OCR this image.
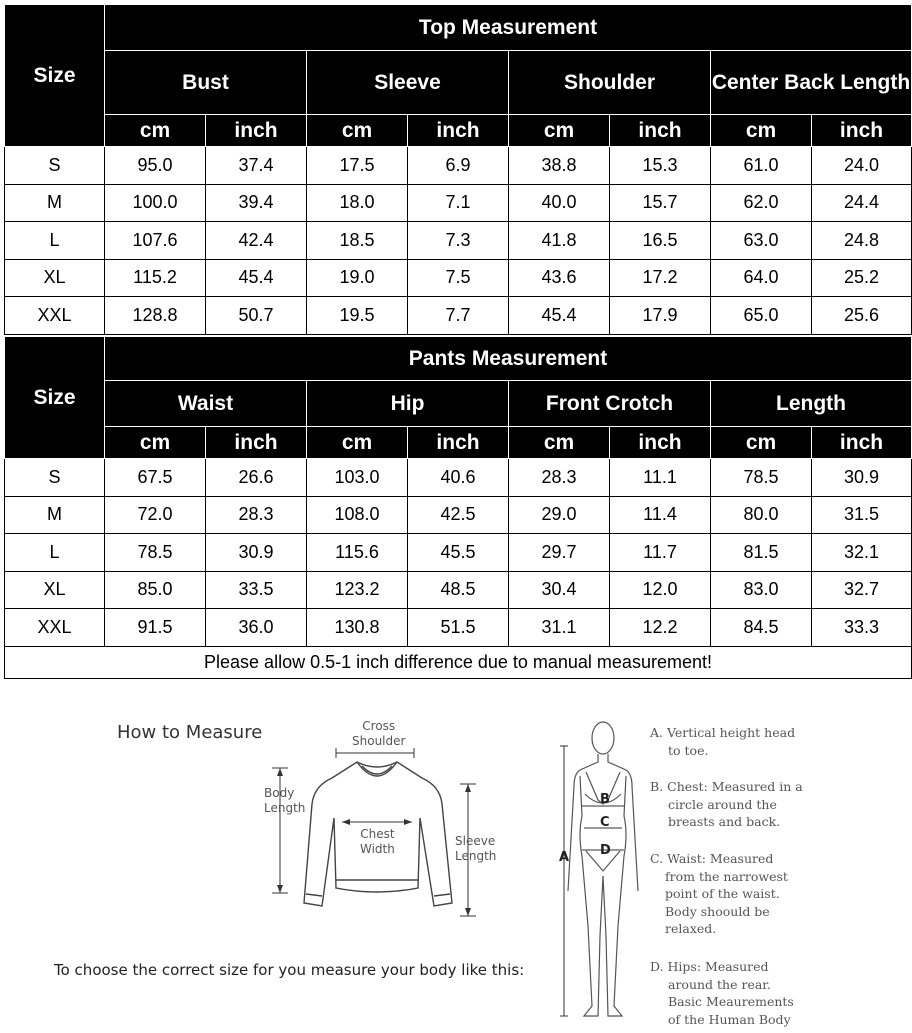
Size	Top Measurement							
	Bust		Sleeve		Shoulder		Center Back Length	
	cm	inch	cm	inch	cm	inch	cm	inch
S	95.0	37.4	17.5	6.9	38.8	15.3	61.0	24.0
M	100.0	39.4	18.0	7.1	40.0	15.7	62.0	24.4
L	107.6	42.4	18.5	7.3	41.8	16.5	63.0	24.8
XL	115.2	45.4	19.0	7.5	43.6	17.2	64.0	25.2
XXL	128.8	50.7	19.5	7.7	45.4	17.9	65.0	25.6
Size	Pants Measurement							
	Waist		Hip		Front Crotch		Length	
	cm	inch	cm	inch	cm	inch	cm	inch
S	67.5	26.6	103.0	40.6	28.3	11.1	78.5	30.9
M	72.0	28.3	108.0	42.5	29.0	11.4	80.0	31.5
L	78.5	30.9	115.6	45.5	29.7	11.7	81.5	32.1
XL	85.0	33.5	123.2	48.5	30.4	12.0	83.0	32.7
XXL	91.5	36.0	130.8	51.5	31.1	12.2	84.5	33.3
Please allow 0.5-1 inch difference due to manual measurement!								
How to Measure	Cross
Shoulder
Body
Length
Chest
Width
Sleeve
Length
To choose the correct size for you measure your body like this:
A
B
C
D
A. Vertical height head
to toe.
B. Chest: Measured in a
circle around the
breasts and back.
C. Waist: Measured
from the narrowest
point of the waist.
Body shoould be
relaxed.
D. Hips: Measured
around the rear.
Basic Meaurements
of the Human Body
